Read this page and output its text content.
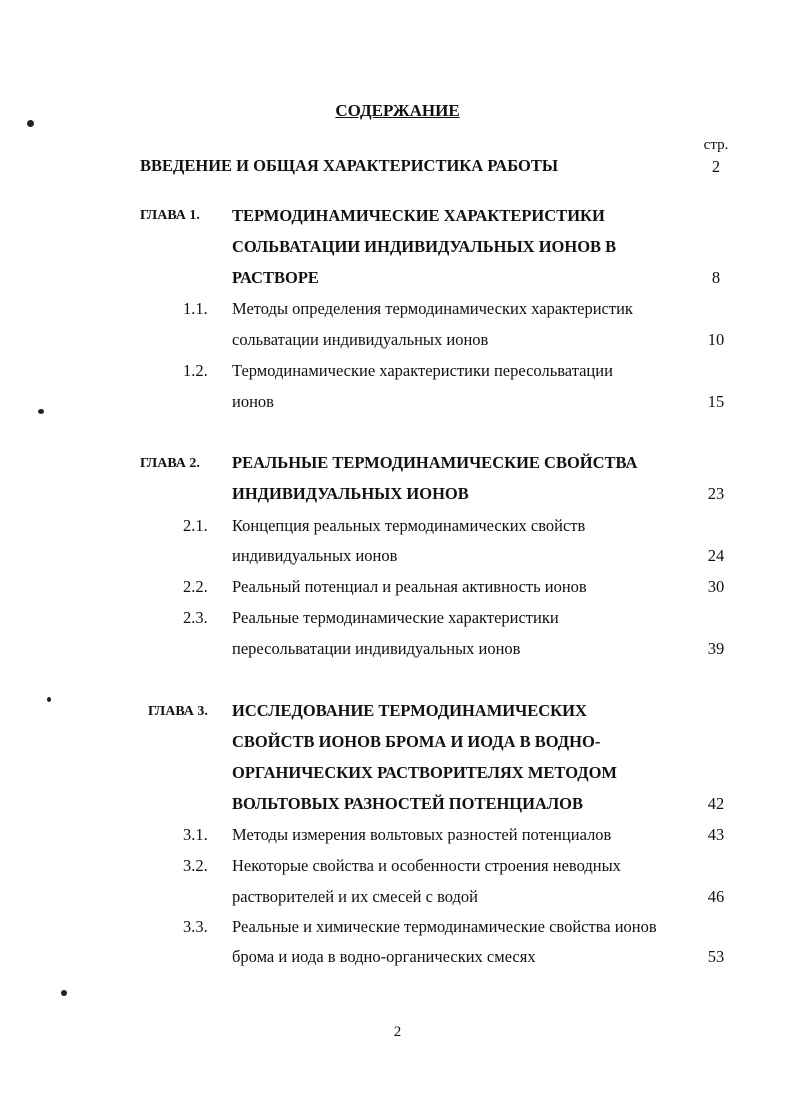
СОДЕРЖАНИЕ
стр.
ВВЕДЕНИЕ И ОБЩАЯ ХАРАКТЕРИСТИКА РАБОТЫ	2
ГЛАВА 1. ТЕРМОДИНАМИЧЕСКИЕ ХАРАКТЕРИСТИКИ
СОЛЬВАТАЦИИ ИНДИВИДУАЛЬНЫХ ИОНОВ В
РАСТВОРЕ	8
1.1. Методы определения термодинамических характеристик
сольватации индивидуальных ионов	10
1.2. Термодинамические характеристики пересольватации
ионов	15
ГЛАВА 2. РЕАЛЬНЫЕ ТЕРМОДИНАМИЧЕСКИЕ СВОЙСТВА
ИНДИВИДУАЛЬНЫХ ИОНОВ	23
2.1. Концепция реальных термодинамических свойств
индивидуальных ионов	24
2.2. Реальный потенциал и реальная активность ионов	30
2.3. Реальные термодинамические характеристики
пересольватации индивидуальных ионов	39
ГЛАВА 3. ИССЛЕДОВАНИЕ ТЕРМОДИНАМИЧЕСКИХ
СВОЙСТВ ИОНОВ БРОМА И ИОДА В ВОДНО-
ОРГАНИЧЕСКИХ РАСТВОРИТЕЛЯХ МЕТОДОМ
ВОЛЬТОВЫХ РАЗНОСТЕЙ ПОТЕНЦИАЛОВ	42
3.1. Методы измерения вольтовых разностей потенциалов	43
3.2. Некоторые свойства и особенности строения неводных
растворителей и их смесей с водой	46
3.3. Реальные и химические термодинамические свойства ионов
брома и иода в водно-органических смесях	53
2
